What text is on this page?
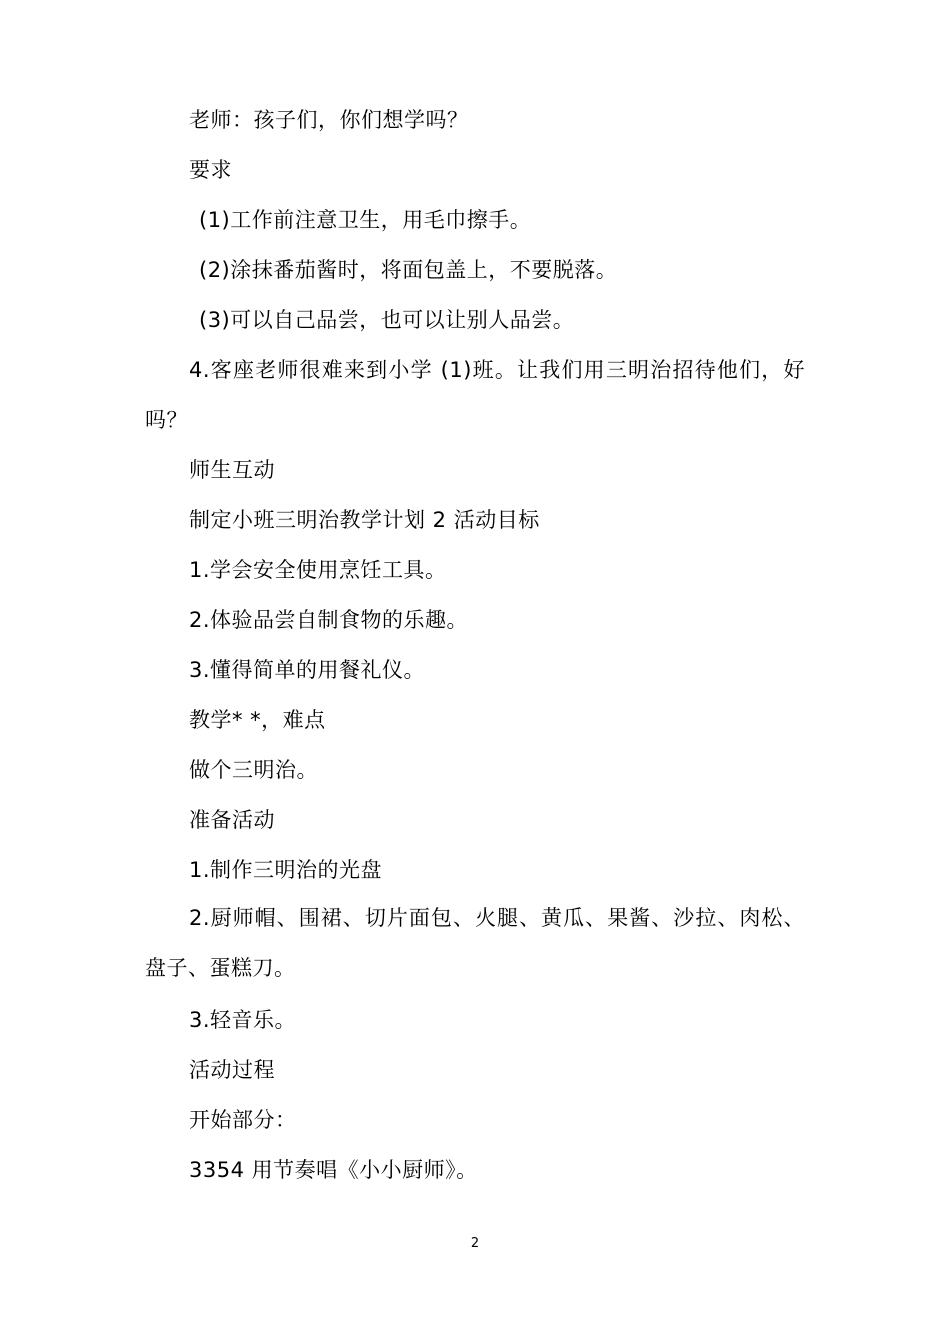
老师：孩子们，你们想学吗？
要求
(1)工作前注意卫生，用毛巾擦手。
(2)涂抹番茄酱时，将面包盖上，不要脱落。
(3)可以自己品尝，也可以让别人品尝。
4.客座老师很难来到小学 (1)班。让我们用三明治招待他们，好吗？
师生互动
制定小班三明治教学计划 2 活动目标
1.学会安全使用烹饪工具。
2.体验品尝自制食物的乐趣。
3.懂得简单的用餐礼仪。
教学* *，难点
做个三明治。
准备活动
1.制作三明治的光盘
2.厨师帽、围裙、切片面包、火腿、黄瓜、果酱、沙拉、肉松、盘子、蛋糕刀。
3.轻音乐。
活动过程
开始部分：
3354 用节奏唱《小小厨师》。
2
